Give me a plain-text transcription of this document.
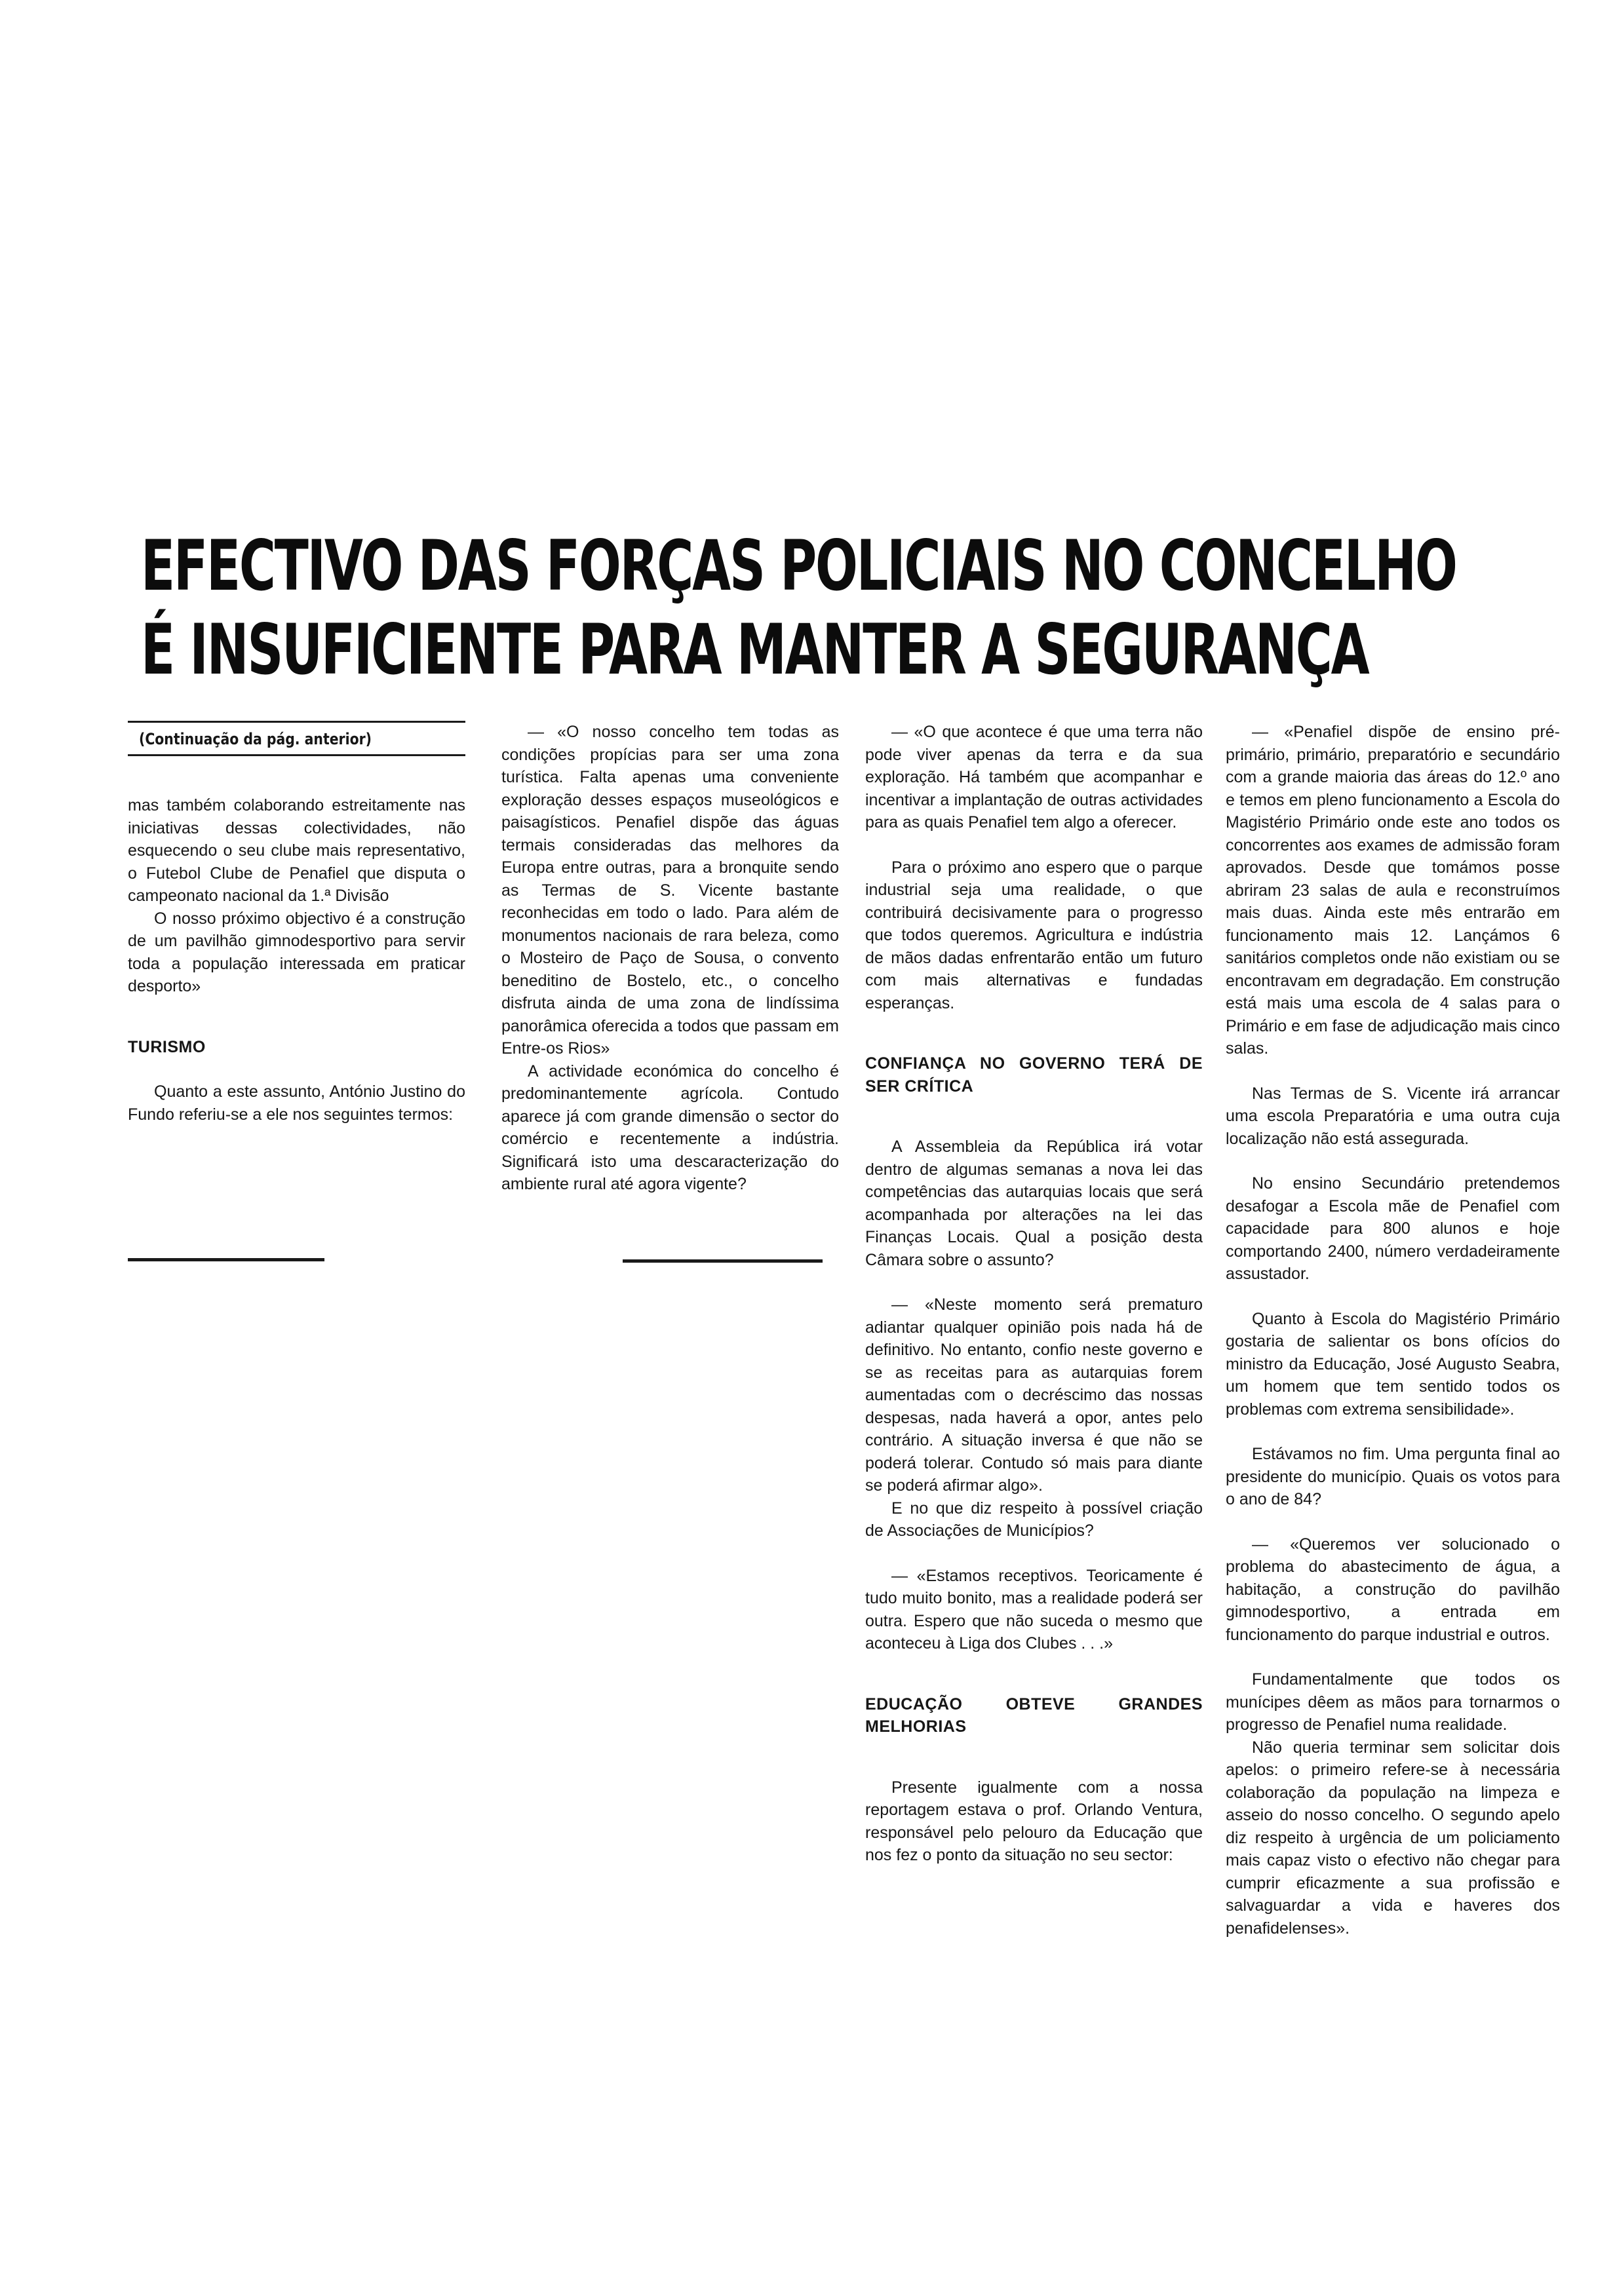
EFECTIVO DAS FORÇAS POLICIAIS NO CONCELHO
É INSUFICIENTE PARA MANTER A SEGURANÇA
(Continuação da pág. anterior)

mas também colaborando estreitamente nas iniciativas dessas colectividades, não esquecendo o seu clube mais representativo, o Futebol Clube de Penafiel que disputa o campeonato nacional da 1.ª Divisão

O nosso próximo objectivo é a construção de um pavilhão gimnodesportivo para servir toda a população interessada em praticar desporto»

TURISMO

Quanto a este assunto, António Justino do Fundo referiu-se a ele nos seguintes termos:

— «O nosso concelho tem todas as condições propícias para ser uma zona turística. Falta apenas uma conveniente exploração desses espaços museológicos e paisagísticos. Penafiel dispõe das águas termais consideradas das melhores da Europa entre outras, para a bronquite sendo as Termas de S. Vicente bastante reconhecidas em todo o lado. Para além de monumentos nacionais de rara beleza, como o Mosteiro de Paço de Sousa, o convento beneditino de Bostelo, etc., o concelho disfruta ainda de uma zona de lindíssima panorâmica oferecida a todos que passam em Entre-os Rios»

A actividade económica do concelho é predominantemente agrícola. Contudo aparece já com grande dimensão o sector do comércio e recentemente a indústria. Significará isto uma descaracterização do ambiente rural até agora vigente?

— «O que acontece é que uma terra não pode viver apenas da terra e da sua exploração. Há também que acompanhar e incentivar a implantação de outras actividades para as quais Penafiel tem algo a oferecer.

Para o próximo ano espero que o parque industrial seja uma realidade, o que contribuirá decisivamente para o progresso que todos queremos. Agricultura e indústria de mãos dadas enfrentarão então um futuro com mais alternativas e fundadas esperanças.

CONFIANÇA NO GOVERNO TERÁ DE SER CRÍTICA

A Assembleia da República irá votar dentro de algumas semanas a nova lei das competências das autarquias locais que será acompanhada por alterações na lei das Finanças Locais. Qual a posição desta Câmara sobre o assunto?

— «Neste momento será prematuro adiantar qualquer opinião pois nada há de definitivo. No entanto, confio neste governo e se as receitas para as autarquias forem aumentadas com o decréscimo das nossas despesas, nada haverá a opor, antes pelo contrário. A situação inversa é que não se poderá tolerar. Contudo só mais para diante se poderá afirmar algo».

E no que diz respeito à possível criação de Associações de Municípios?

— «Estamos receptivos. Teoricamente é tudo muito bonito, mas a realidade poderá ser outra. Espero que não suceda o mesmo que aconteceu à Liga dos Clubes . . .»

EDUCAÇÃO OBTEVE GRANDES MELHORIAS

Presente igualmente com a nossa reportagem estava o prof. Orlando Ventura, responsável pelo pelouro da Educação que nos fez o ponto da situação no seu sector:

— «Penafiel dispõe de ensino pré-primário, primário, preparatório e secundário com a grande maioria das áreas do 12.º ano e temos em pleno funcionamento a Escola do Magistério Primário onde este ano todos os concorrentes aos exames de admissão foram aprovados. Desde que tomámos posse abriram 23 salas de aula e reconstruímos mais duas. Ainda este mês entrarão em funcionamento mais 12. Lançámos 6 sanitários completos onde não existiam ou se encontravam em degradação. Em construção está mais uma escola de 4 salas para o Primário e em fase de adjudicação mais cinco salas.

Nas Termas de S. Vicente irá arrancar uma escola Preparatória e uma outra cuja localização não está assegurada.

No ensino Secundário pretendemos desafogar a Escola mãe de Penafiel com capacidade para 800 alunos e hoje comportando 2400, número verdadeiramente assustador.

Quanto à Escola do Magistério Primário gostaria de salientar os bons ofícios do ministro da Educação, José Augusto Seabra, um homem que tem sentido todos os problemas com extrema sensibilidade».

Estávamos no fim. Uma pergunta final ao presidente do município. Quais os votos para o ano de 84?

— «Queremos ver solucionado o problema do abastecimento de água, a habitação, a construção do pavilhão gimnodesportivo, a entrada em funcionamento do parque industrial e outros.

Fundamentalmente que todos os munícipes dêem as mãos para tornarmos o progresso de Penafiel numa realidade.

Não queria terminar sem solicitar dois apelos: o primeiro refere-se à necessária colaboração da população na limpeza e asseio do nosso concelho. O segundo apelo diz respeito à urgência de um policiamento mais capaz visto o efectivo não chegar para cumprir eficazmente a sua profissão e salvaguardar a vida e haveres dos penafidelenses».
